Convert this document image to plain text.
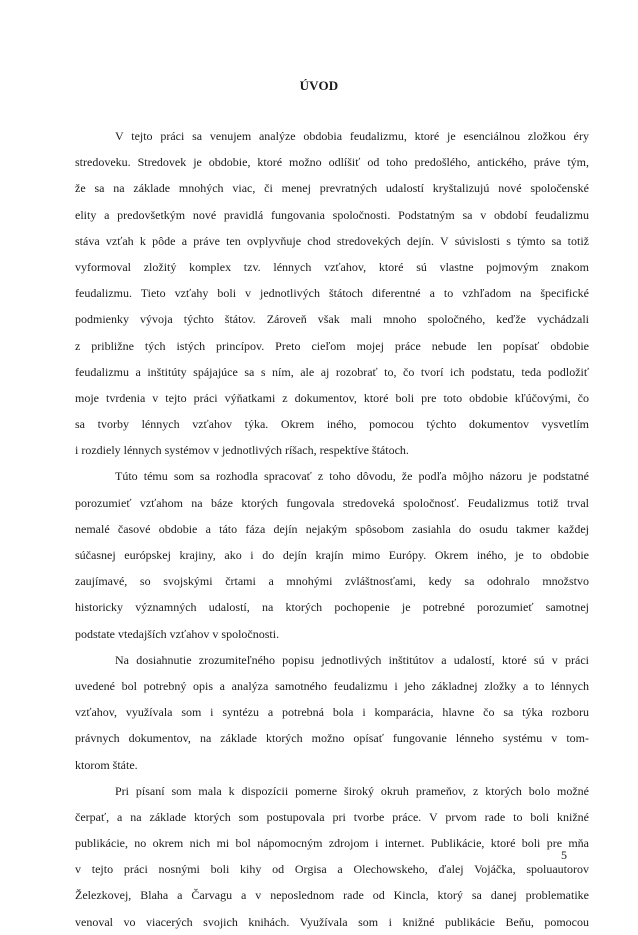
ÚVOD
V tejto práci sa venujem analýze obdobia feudalizmu, ktoré je esenciálnou zložkou éry
stredoveku. Stredovek je obdobie, ktoré možno odlíšiť od toho predošlého, antického, práve tým,
že sa na základe mnohých viac, či menej prevratných udalostí kryštalizujú nové spoločenské
elity a predovšetkým nové pravidlá fungovania spoločnosti. Podstatným sa v období feudalizmu
stáva vzťah k pôde a práve ten ovplyvňuje chod stredovekých dejín. V súvislosti s týmto sa totiž
vyformoval zložitý komplex tzv. lénnych vzťahov, ktoré sú vlastne pojmovým znakom
feudalizmu. Tieto vzťahy boli v jednotlivých štátoch diferentné a to vzhľadom na špecifické
podmienky vývoja týchto štátov. Zároveň však mali mnoho spoločného, keďže vychádzali
z približne tých istých princípov. Preto cieľom mojej práce nebude len popísať obdobie
feudalizmu a inštitúty spájajúce sa s ním, ale aj rozobrať to, čo tvorí ich podstatu, teda podložiť
moje tvrdenia v tejto práci výňatkami z dokumentov, ktoré boli pre toto obdobie kľúčovými, čo
sa tvorby lénnych vzťahov týka. Okrem iného, pomocou týchto dokumentov vysvetlím
i rozdiely lénnych systémov v jednotlivých ríšach, respektíve štátoch.
Túto tému som sa rozhodla spracovať z toho dôvodu, že podľa môjho názoru je podstatné
porozumieť vzťahom na báze ktorých fungovala stredoveká spoločnosť. Feudalizmus totiž trval
nemalé časové obdobie a táto fáza dejín nejakým spôsobom zasiahla do osudu takmer každej
súčasnej európskej krajiny, ako i do dejín krajín mimo Európy. Okrem iného, je to obdobie
zaujímavé, so svojskými črtami a mnohými zvláštnosťami, kedy sa odohralo množstvo
historicky významných udalostí, na ktorých pochopenie je potrebné porozumieť samotnej
podstate vtedajších vzťahov v spoločnosti.
Na dosiahnutie zrozumiteľného popisu jednotlivých inštitútov a udalostí, ktoré sú v práci
uvedené bol potrebný opis a analýza samotného feudalizmu i jeho základnej zložky a to lénnych
vzťahov, využívala som i syntézu a potrebná bola i komparácia, hlavne čo sa týka rozboru
právnych dokumentov, na základe ktorých možno opísať fungovanie lénneho systému v tom-
ktorom štáte.
Pri písaní som mala k dispozícii pomerne široký okruh prameňov, z ktorých bolo možné
čerpať, a na základe ktorých som postupovala pri tvorbe práce. V prvom rade to boli knižné
publikácie, no okrem nich mi bol nápomocným zdrojom i internet. Publikácie, ktoré boli pre mňa
v tejto práci nosnými boli kihy od Orgisa a Olechowskeho, ďalej Vojáčka, spoluautorov
Železkovej, Blaha a Čarvagu a v neposlednom rade od Kincla, ktorý sa danej problematike
venoval vo viacerých svojich knihách. Využívala som i knižné publikácie Beňu, pomocou
5
